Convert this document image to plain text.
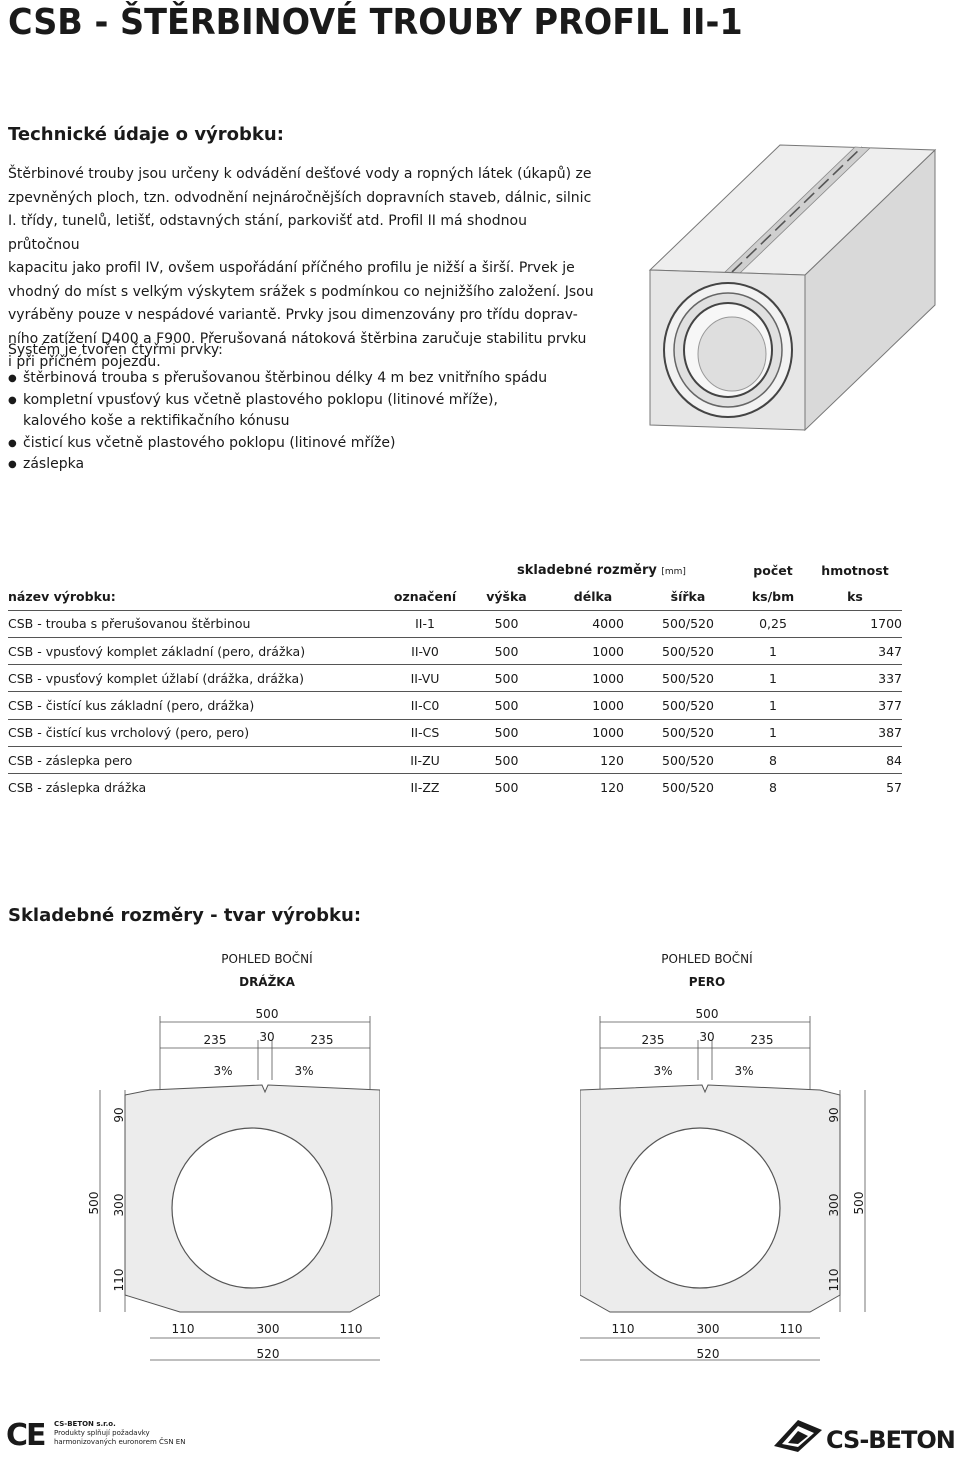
CSB - ŠTĚRBINOVÉ TROUBY PROFIL II-1
Technické údaje o výrobku:

Štěrbinové trouby jsou určeny k odvádění dešťové vody a ropných látek (úkapů) ze

zpevněných ploch, tzn. odvodnění nejnáročnějších dopravních staveb, dálnic, silnic

I. třídy, tunelů, letišť, odstavných stání, parkovišť atd. Profil II má shodnou průtočnou

kapacitu jako profil IV, ovšem uspořádání příčného profilu je nižší a širší. Prvek je

vhodný do míst s velkým výskytem srážek s podmínkou co nejnižšího založení. Jsou

vyráběny pouze v nespádové variantě. Prvky jsou dimenzovány pro třídu doprav-

ního zatížení D400 a F900. Přerušovaná nátoková štěrbina zaručuje stabilitu prvku

i při příčném pojezdu.

Systém je tvořen čtyřmi prvky:
● štěrbinová trouba s přerušovanou štěrbinou délky 4 m bez vnitřního spádu
● kompletní vpusťový kus včetně plastového poklopu (litinové mříže),
kalového koše a rektifikačního kónusu
● čisticí kus včetně plastového poklopu (litinové mříže)
● záslepka
		skladebné rozměry [mm]			počet	hmotnost
název výrobku:	označení	výška	délka	šířka	ks/bm	ks
CSB - trouba s přerušovanou štěrbinou	II-1	500	4000	500/520	0,25	1700
CSB - vpusťový komplet základní (pero, drážka)	II-V0	500	1000	500/520	1	347
CSB - vpusťový komplet úžlabí (drážka, drážka)	II-VU	500	1000	500/520	1	337
CSB - čistící kus základní (pero, drážka)	II-C0	500	1000	500/520	1	377
CSB - čistící kus vrcholový (pero, pero)	II-CS	500	1000	500/520	1	387
CSB - záslepka pero	II-ZU	500	120	500/520	8	84
CSB - záslepka drážka	II-ZZ	500	120	500/520	8	57
Skladebné rozměry - tvar výrobku:
POHLED BOČNÍ
DRÁŽKA
500
235	30	235
3%	3%
500
90
300
110
110	300	110
520
POHLED BOČNÍ
PERO
500
235	30	235
3%	3%
90
300
110
500
110	300	110
520
CE CS-BETON s.r.o.
Produkty splňují požadavky
harmonizovaných euronorem ČSN EN	CS-BETON
